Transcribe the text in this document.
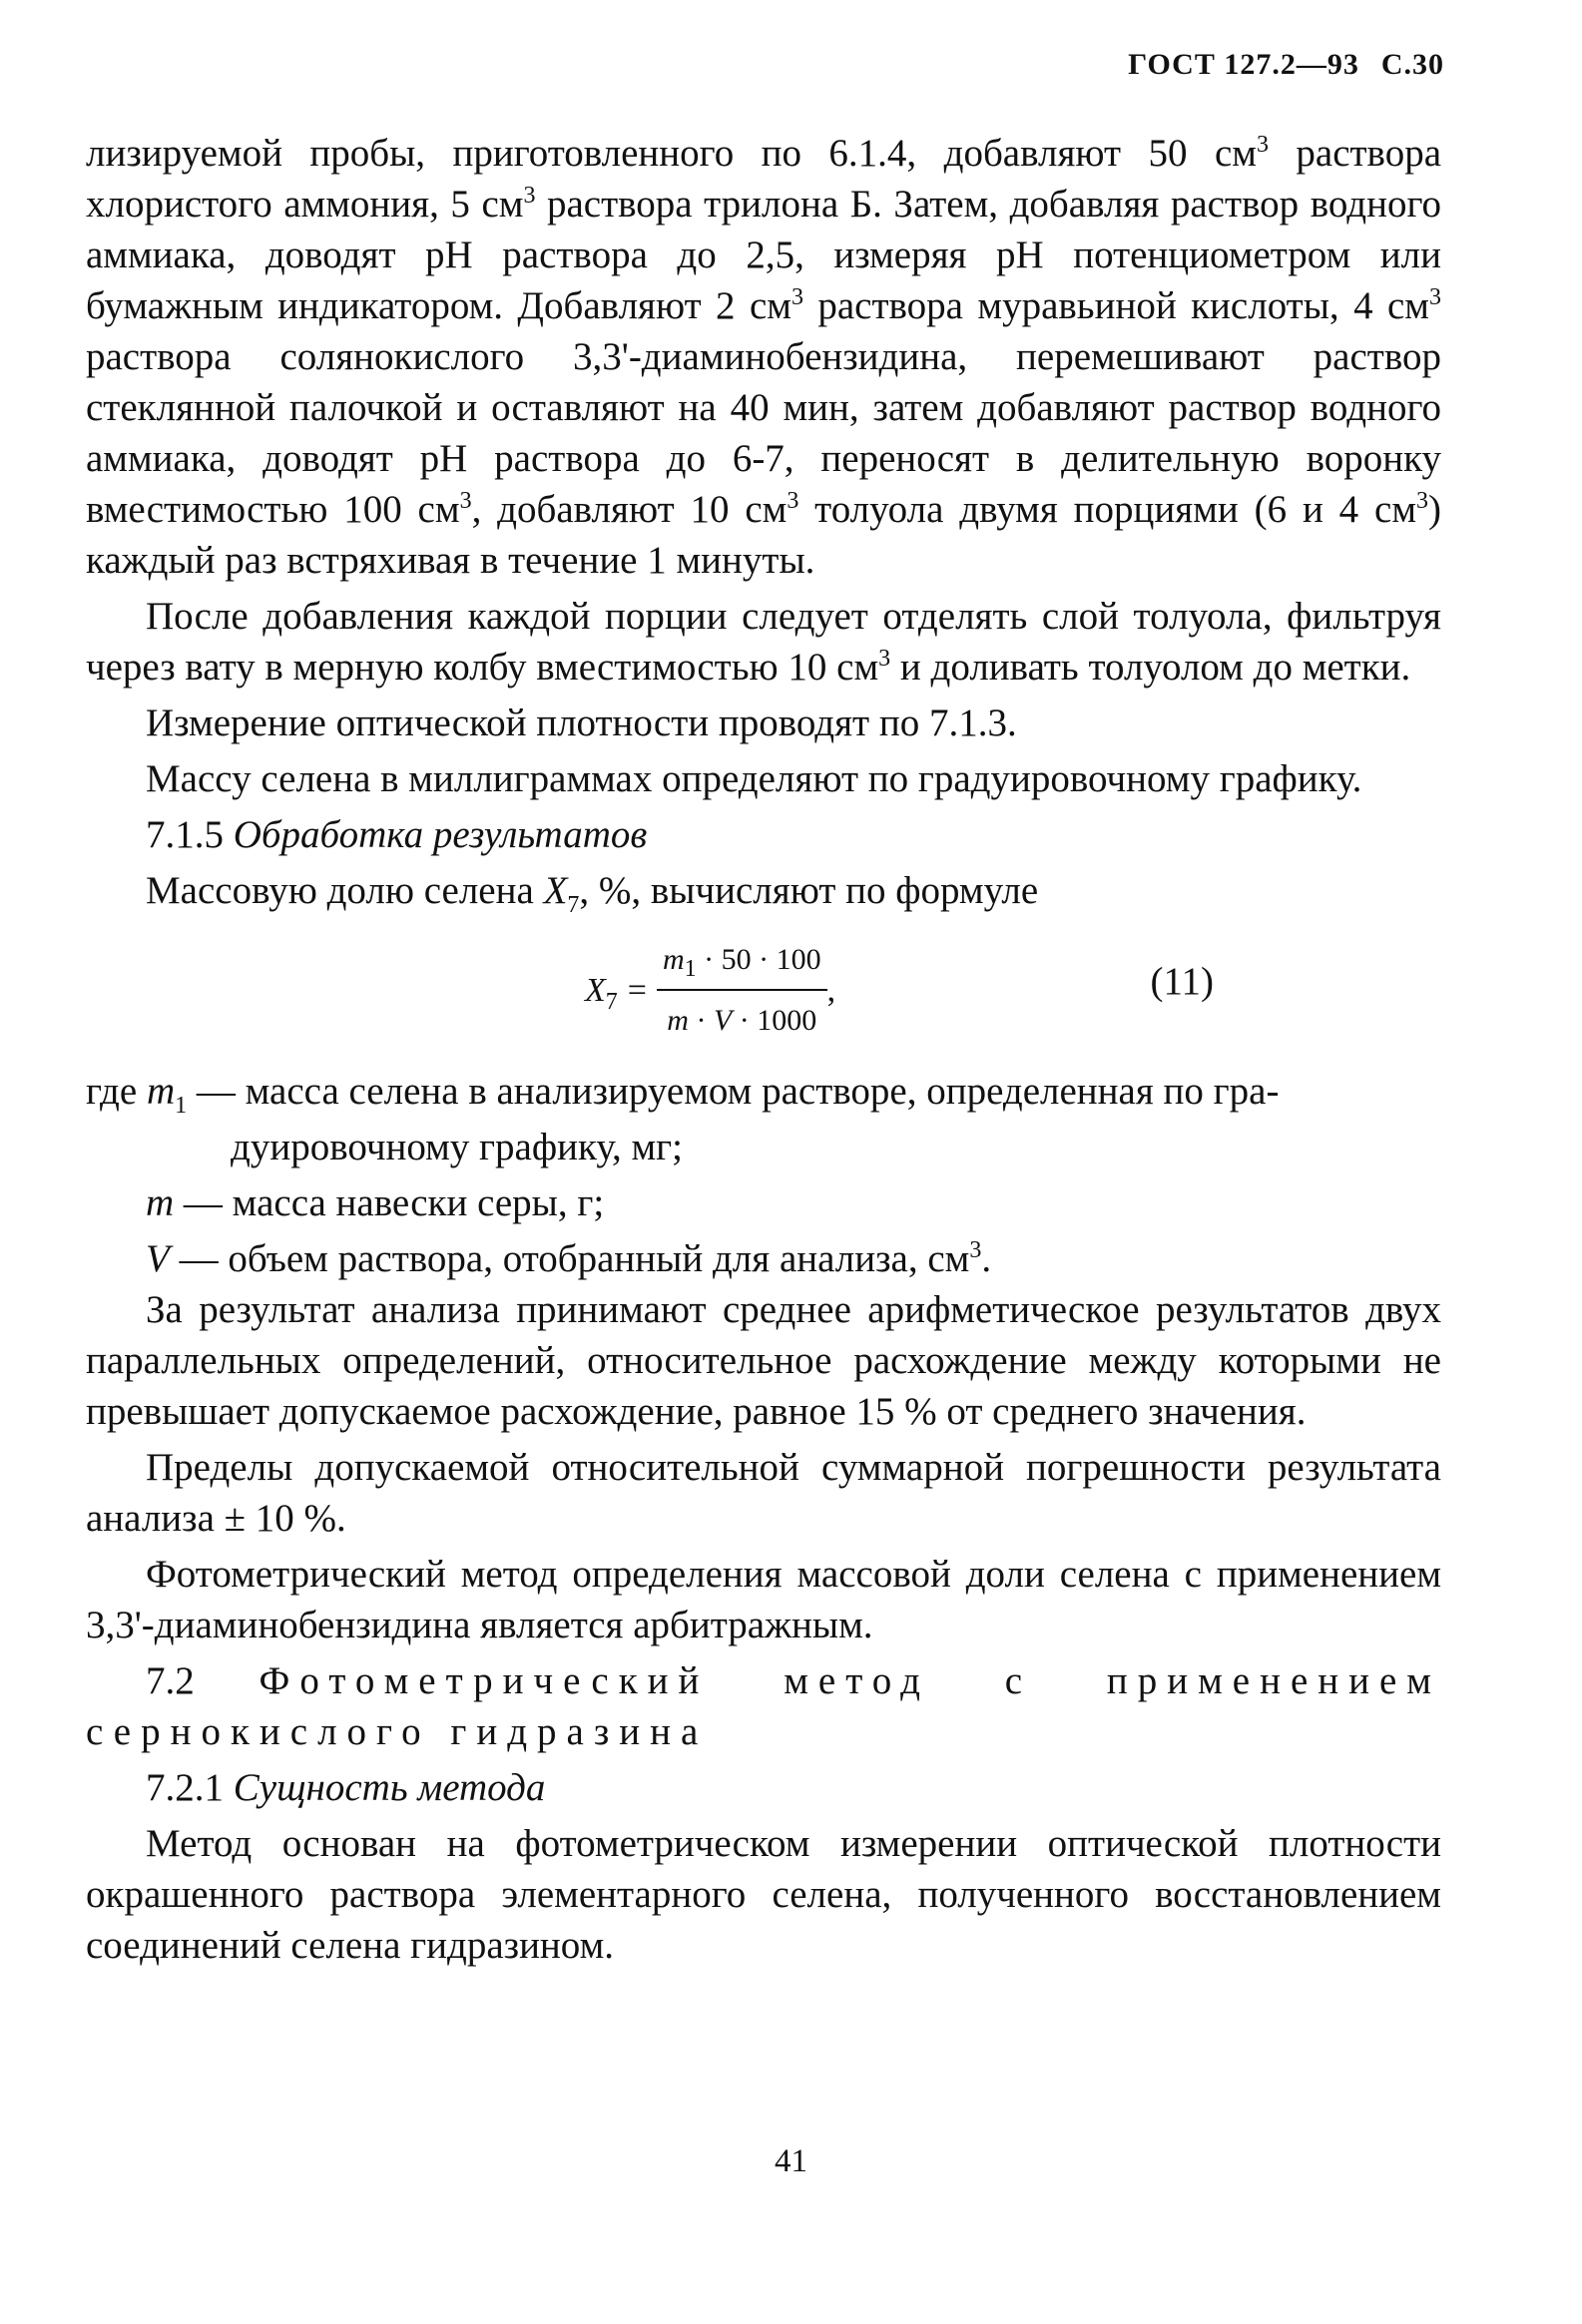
ГОСТ 127.2—93 С.30

лизируемой пробы, приготовленного по 6.1.4, добавляют 50 $см^3$ раствора хлористого аммония, 5 $см^3$ раствора трилона Б. Затем, добавляя раствор водного аммиака, доводят pH раствора до 2,5, измеряя pH потенциометром или бумажным индикатором. Добавляют 2 $см^3$ раствора муравьиной кислоты, 4 $см^3$ раствора солянокислого 3,3'-диаминобензидина, перемешивают раствор стеклянной палочкой и оставляют на 40 мин, затем добавляют раствор водного аммиака, доводят pH раствора до 6-7, переносят в делительную воронку вместимостью 100 $см^3$, добавляют 10 $см^3$ толуола двумя порциями (6 и 4 $см^3$) каждый раз встряхивая в течение 1 минуты.

После добавления каждой порции следует отделять слой толуола, фильтруя через вату в мерную колбу вместимостью 10 $см^3$ и доливать толуолом до метки.

Измерение оптической плотности проводят по 7.1.3.

Массу селена в миллиграммах определяют по градуировочному графику.

7.1.5 Обработка результатов

Массовую долю селена $X_7$, %, вычисляют по формуле

$X_7 = \frac{m_1 \cdot 50 \cdot 100}{m \cdot V \cdot 1000}$ ,	(11)

где $m_1$ — масса селена в анализируемом растворе, определенная по гра-

дуировочному графику, мг;

m — масса навески серы, г;

V — объем раствора, отобранный для анализа, $см^3$.

За результат анализа принимают среднее арифметическое результатов двух параллельных определений, относительное расхождение между которыми не превышает допускаемое расхождение, равное 15 % от среднего значения.

Пределы допускаемой относительной суммарной погрешности результата анализа ± 10 %.

Фотометрический метод определения массовой доли селена с применением 3,3'-диаминобензидина является арбитражным.

7.2 Фотометрический метод с применением сернокислого гидразина

7.2.1 Сущность метода

Метод основан на фотометрическом измерении оптической плотности окрашенного раствора элементарного селена, полученного восстановлением соединений селена гидразином.

41
